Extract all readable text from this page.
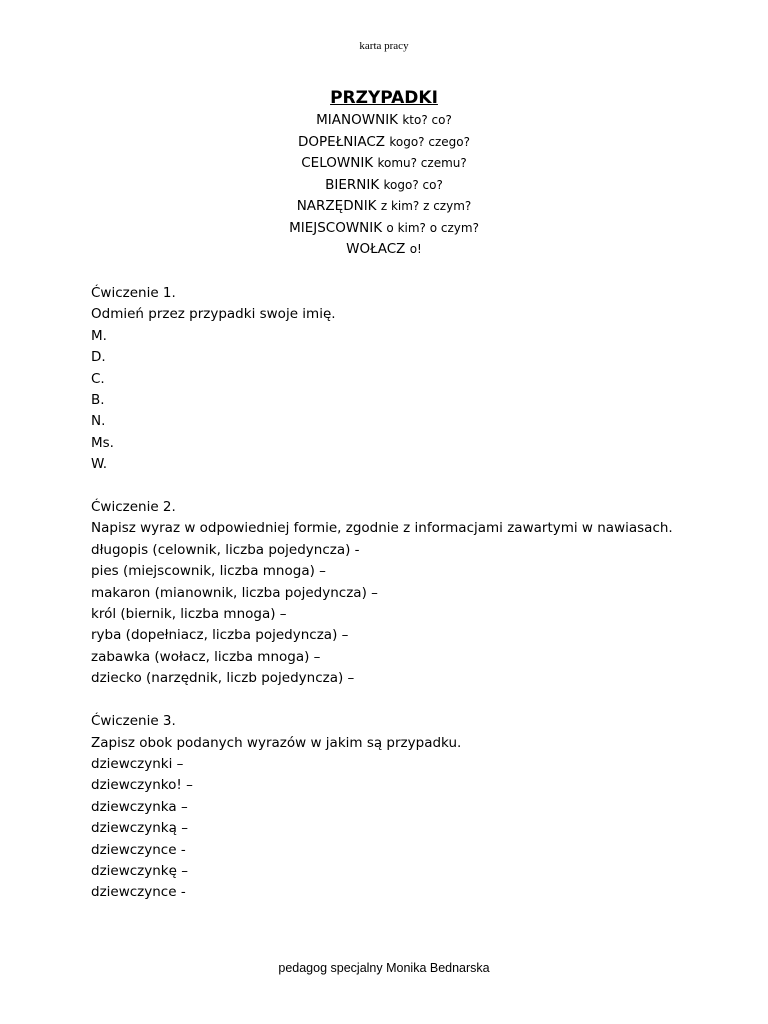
karta pracy
PRZYPADKI
MIANOWNIK kto? co?
DOPEŁNIACZ kogo? czego?
CELOWNIK komu? czemu?
BIERNIK kogo? co?
NARZĘDNIK z kim? z czym?
MIEJSCOWNIK o kim? o czym?
WOŁACZ o!
Ćwiczenie 1.
Odmień przez przypadki swoje imię.
M.
D.
C.
B.
N.
Ms.
W.
Ćwiczenie 2.
Napisz wyraz w odpowiedniej formie, zgodnie z informacjami zawartymi w nawiasach.
długopis (celownik, liczba pojedyncza) -
pies (miejscownik, liczba mnoga) –
makaron (mianownik, liczba pojedyncza) –
król (biernik, liczba mnoga) –
ryba (dopełniacz, liczba pojedyncza) –
zabawka (wołacz, liczba mnoga) –
dziecko (narzędnik, liczb pojedyncza) –
Ćwiczenie 3.
Zapisz obok podanych wyrazów w jakim są przypadku.
dziewczynki –
dziewczynko! –
dziewczynka –
dziewczynką –
dziewczynce -
dziewczynkę –
dziewczynce -
pedagog specjalny Monika Bednarska
